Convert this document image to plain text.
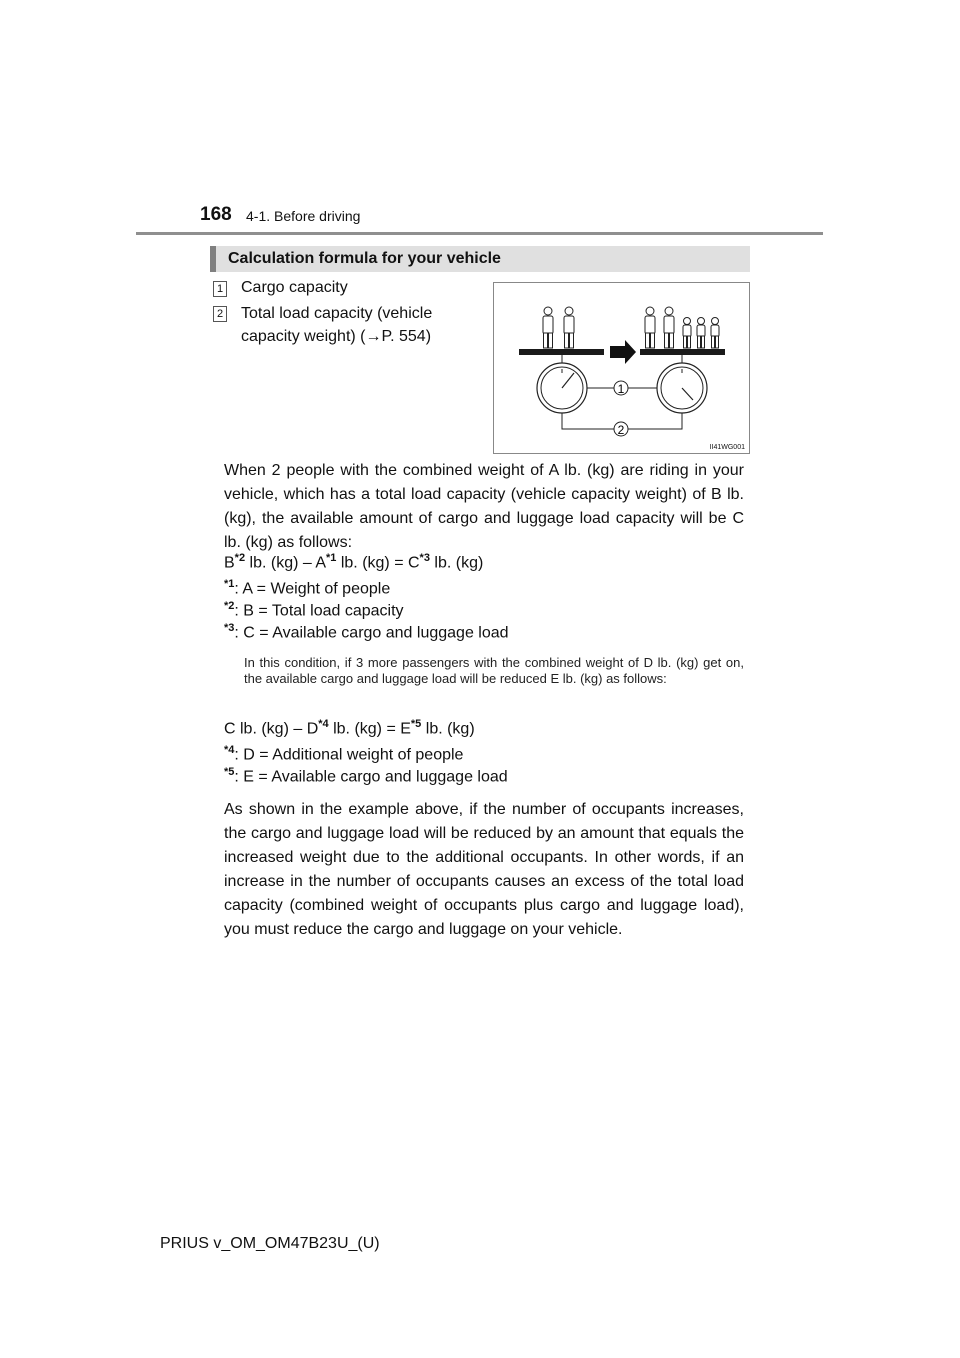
168 4-1. Before driving
Calculation formula for your vehicle
1 Cargo capacity
2 Total load capacity (vehicle
capacity weight) (→P. 554)
1
2
II41WG001
When 2 people with the combined weight of A lb. (kg) are riding in your vehicle, which has a total load capacity (vehicle capacity weight) of B lb. (kg), the available amount of cargo and luggage load capacity will be C lb. (kg) as follows:
$B^{*2}$ lb. $(kg) - A^{*1}$ lb. $(kg) = C^{*3}$ lb. (kg)
$^{*1}$: A = Weight of people
$^{*2}$: B = Total load capacity
$^{*3}$: C = Available cargo and luggage load
In this condition, if 3 more passengers with the combined weight of D lb. (kg) get on, the available cargo and luggage load will be reduced E lb. (kg) as follows:
C lb. $(kg) - D^{*4}$ lb. $(kg) = E^{*5}$ lb. (kg)
$^{*4}$: D = Additional weight of people
$^{*5}$: E = Available cargo and luggage load
As shown in the example above, if the number of occupants increases, the cargo and luggage load will be reduced by an amount that equals the increased weight due to the additional occupants. In other words, if an increase in the number of occupants causes an excess of the total load capacity (combined weight of occupants plus cargo and luggage load), you must reduce the cargo and luggage on your vehicle.
PRIUS v_OM_OM47B23U_(U)
